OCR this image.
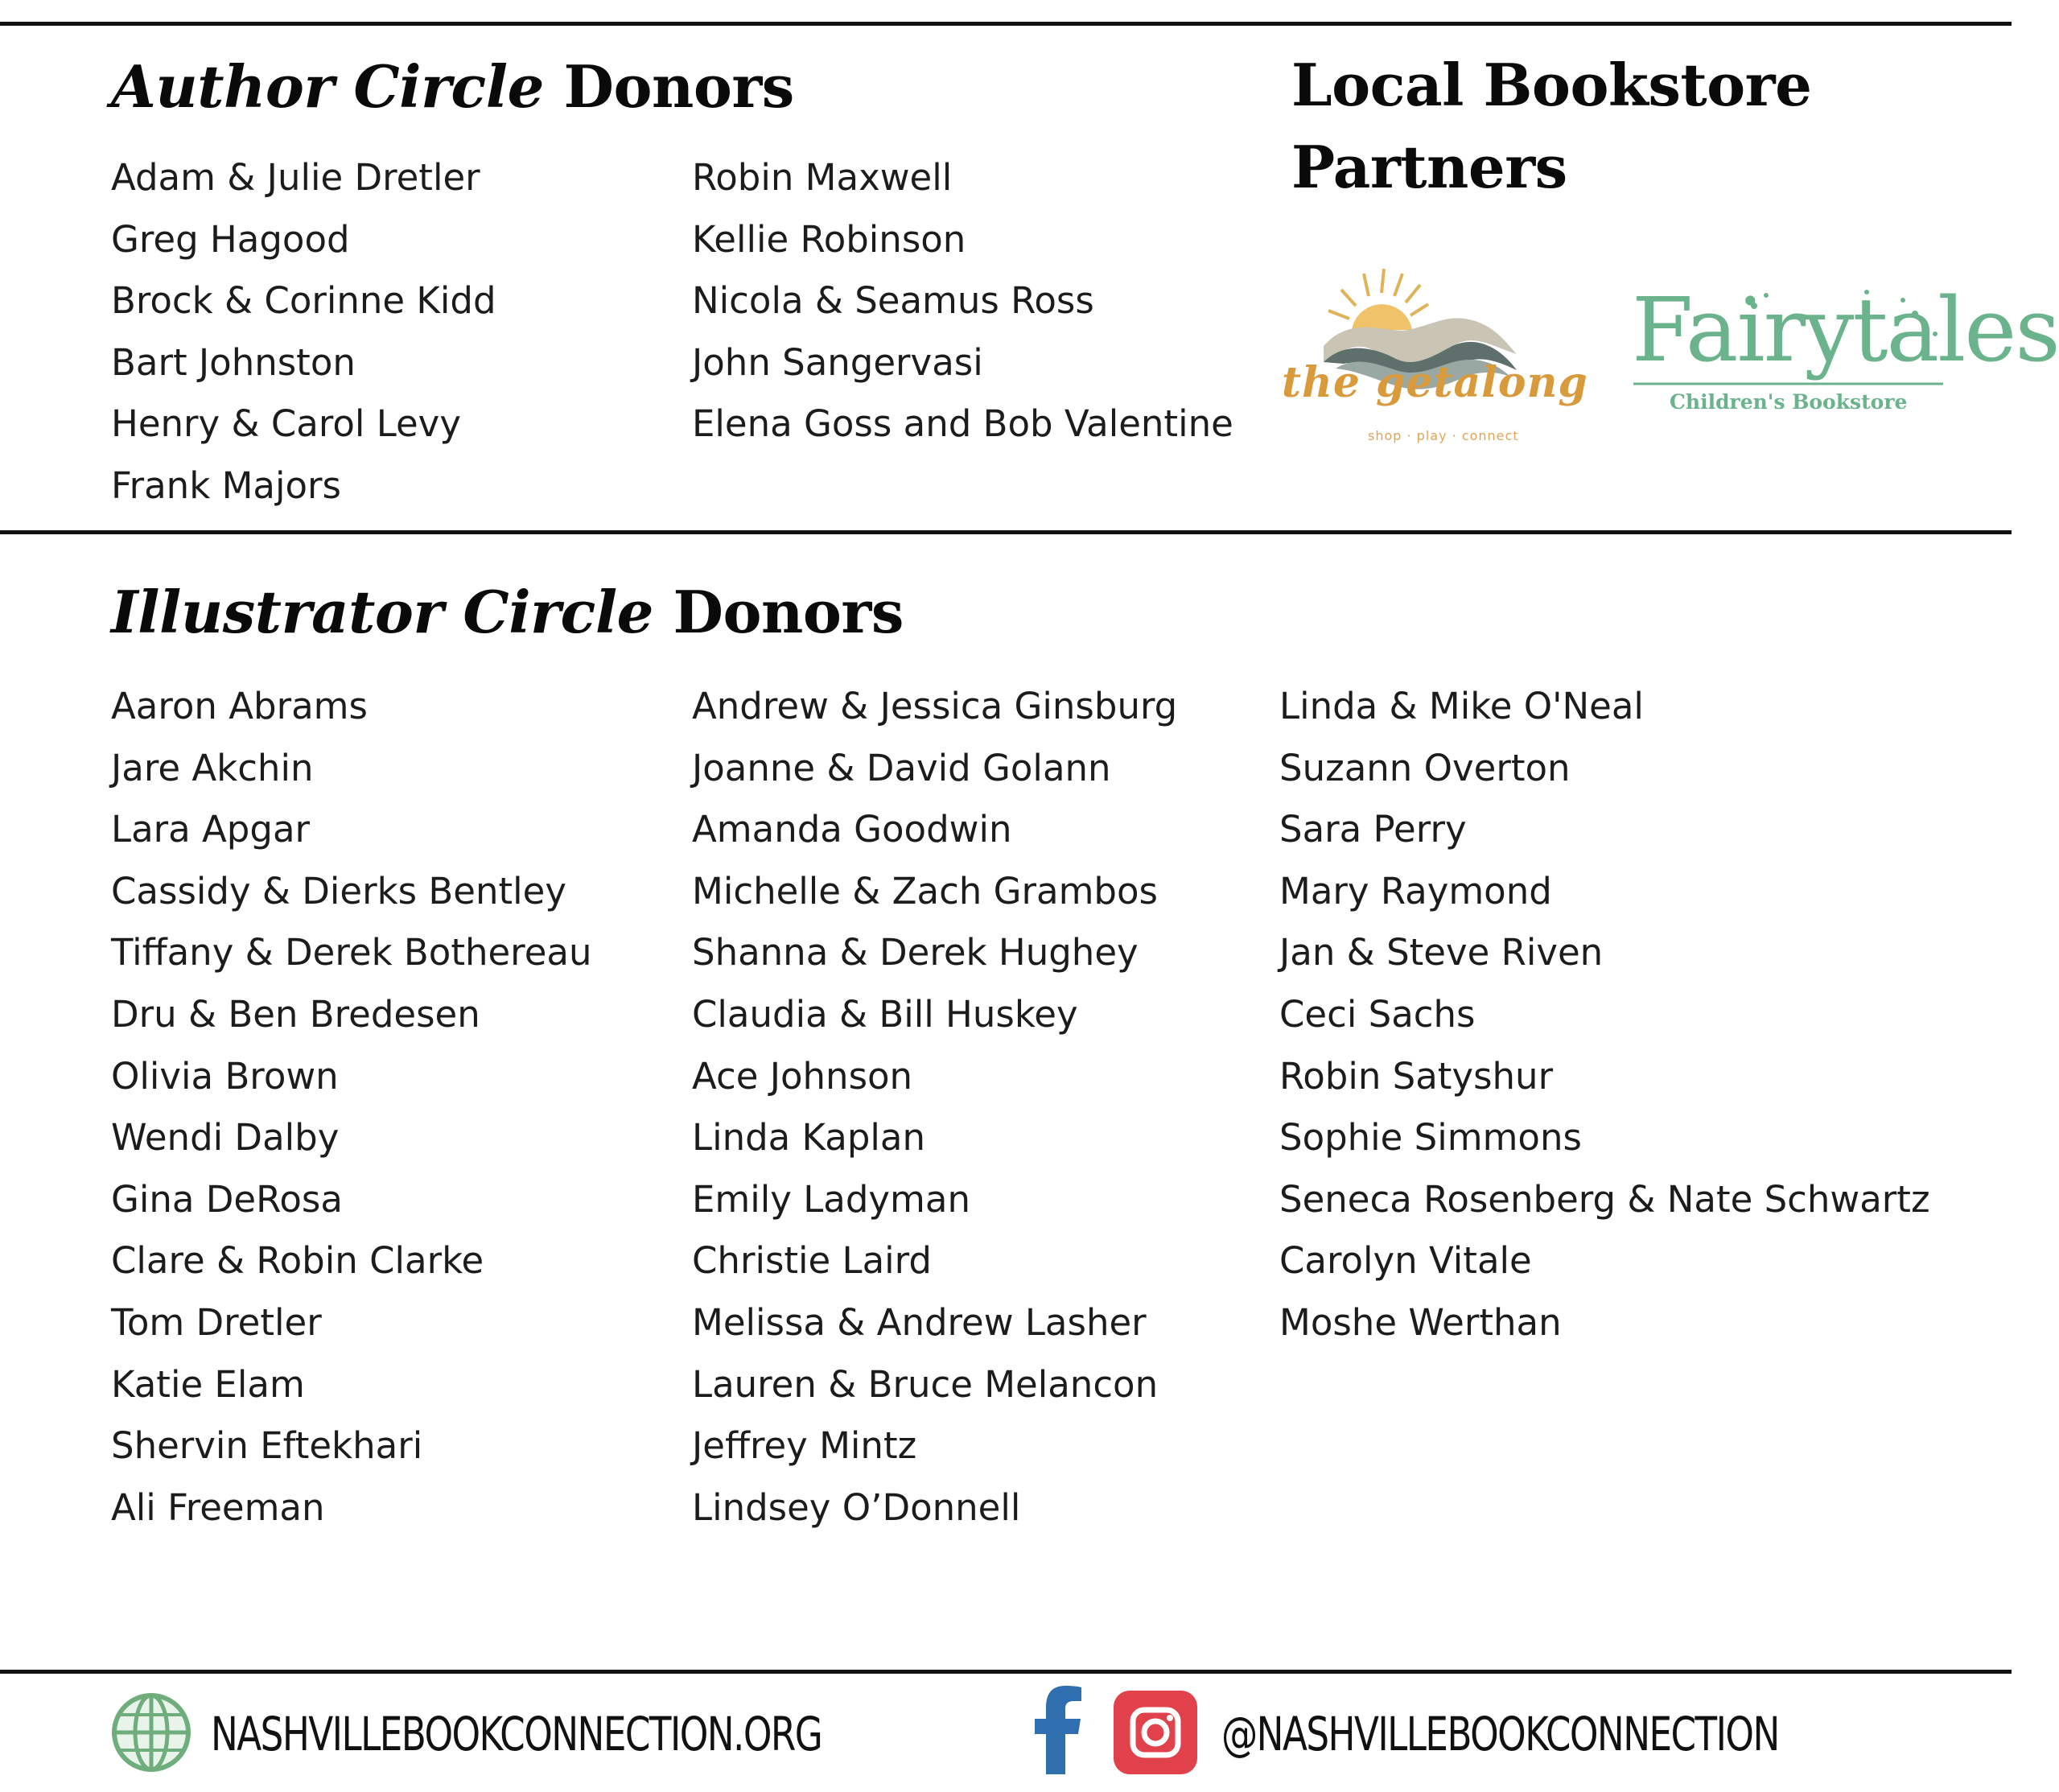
Author Circle Donors
Adam & Julie Dretler
Greg Hagood
Brock & Corinne Kidd
Bart Johnston
Henry & Carol Levy
Frank Majors
Robin Maxwell
Kellie Robinson
Nicola & Seamus Ross
John Sangervasi
Elena Goss and Bob Valentine
Local Bookstore
Partners
the getalong
shop · play · connect
Fairytales
Children's Bookstore
Illustrator Circle Donors
Aaron Abrams
Jare Akchin
Lara Apgar
Cassidy & Dierks Bentley
Tiffany & Derek Bothereau
Dru & Ben Bredesen
Olivia Brown
Wendi Dalby
Gina DeRosa
Clare & Robin Clarke
Tom Dretler
Katie Elam
Shervin Eftekhari
Ali Freeman
Andrew & Jessica Ginsburg
Joanne & David Golann
Amanda Goodwin
Michelle & Zach Grambos
Shanna & Derek Hughey
Claudia & Bill Huskey
Ace Johnson
Linda Kaplan
Emily Ladyman
Christie Laird
Melissa & Andrew Lasher
Lauren & Bruce Melancon
Jeffrey Mintz
Lindsey O’Donnell
Linda & Mike O'Neal
Suzann Overton
Sara Perry
Mary Raymond
Jan & Steve Riven
Ceci Sachs
Robin Satyshur
Sophie Simmons
Seneca Rosenberg & Nate Schwartz
Carolyn Vitale
Moshe Werthan
NASHVILLEBOOKCONNECTION.ORG	@NASHVILLEBOOKCONNECTION
